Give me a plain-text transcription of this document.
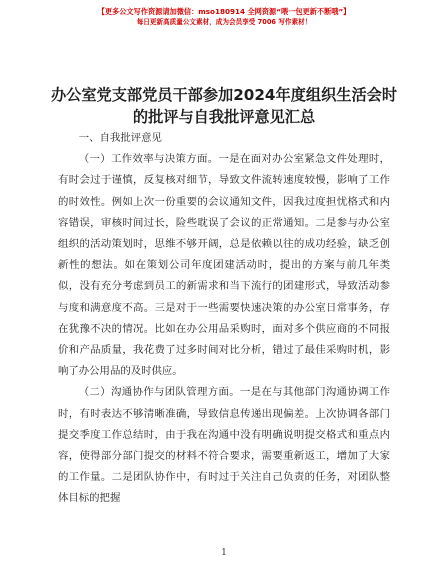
【更多公文写作资源请加微信：mso180914 全网资源“喂一包更新不断哦”】
每日更新高质量公文素材，成为会员享受 7006 写作素材！
办公室党支部党员干部参加2024年度组织生活会时的批评与自我批评意见汇总

一、自我批评意见

（一）工作效率与决策方面。一是在面对办公室紧急文件处理时，有时会过于谨慎，反复核对细节，导致文件流转速度较慢，影响了工作的时效性。例如上次一份重要的会议通知文件，因我过度担忧格式和内容错误，审核时间过长，险些耽误了会议的正常通知。二是参与办公室组织的活动策划时，思维不够开阔，总是依赖以往的成功经验，缺乏创新性的想法。如在策划公司年度团建活动时，提出的方案与前几年类似，没有充分考虑到员工的新需求和当下流行的团建形式，导致活动参与度和满意度不高。三是对于一些需要快速决策的办公室日常事务，存在犹豫不决的情况。比如在办公用品采购时，面对多个供应商的不同报价和产品质量，我花费了过多时间对比分析，错过了最佳采购时机，影响了办公用品的及时供应。

（二）沟通协作与团队管理方面。一是在与其他部门沟通协调工作时，有时表达不够清晰准确，导致信息传递出现偏差。上次协调各部门提交季度工作总结时，由于我在沟通中没有明确说明提交格式和重点内容，使得部分部门提交的材料不符合要求，需要重新返工，增加了大家的工作量。二是团队协作中，有时过于关注自己负责的任务，对团队整体目标的把握

1
